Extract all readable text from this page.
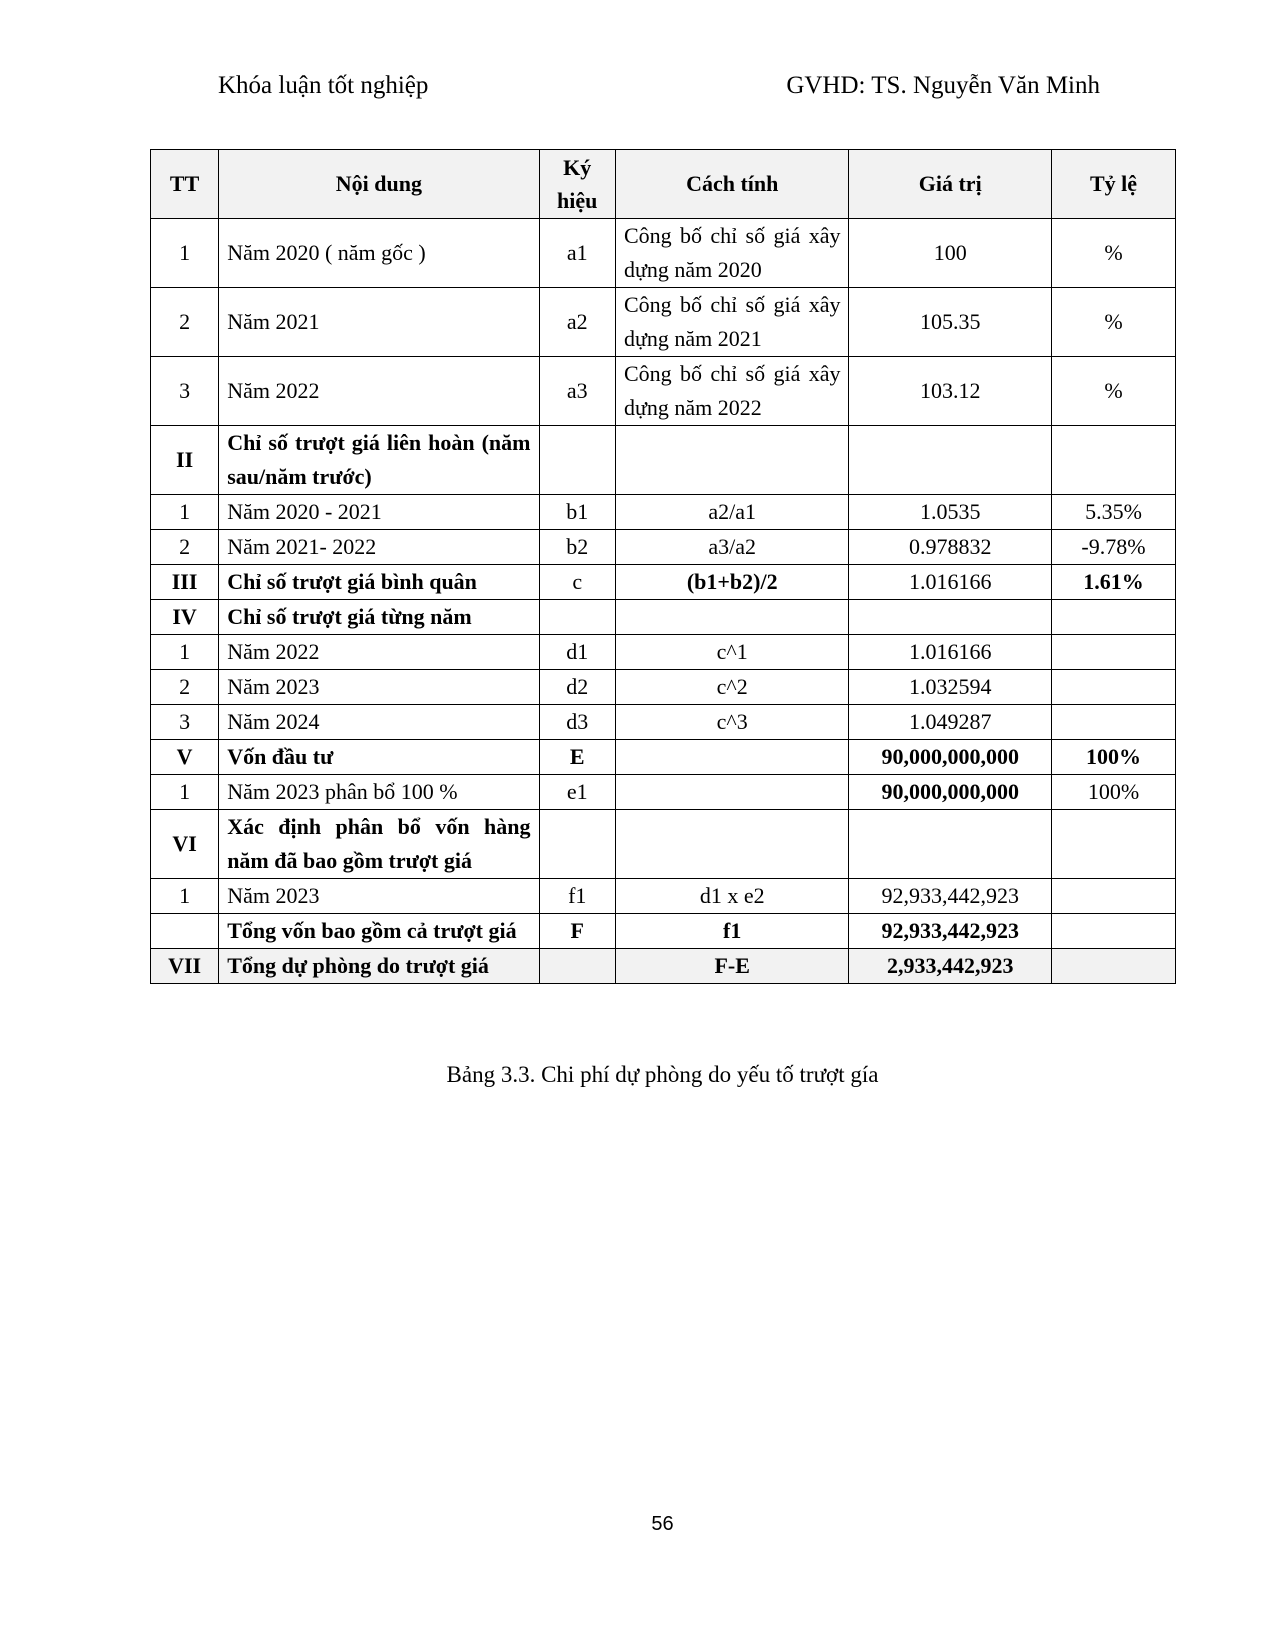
Khóa luận tốt nghiệp	GVHD: TS. Nguyễn Văn Minh
TT	Nội dung	Ký hiệu	Cách tính	Giá trị	Tỷ lệ
1	Năm 2020 ( năm gốc )	a1	Công bố chỉ số giá xây dựng năm 2020	100	%
2	Năm 2021	a2	Công bố chỉ số giá xây dựng năm 2021	105.35	%
3	Năm 2022	a3	Công bố chỉ số giá xây dựng năm 2022	103.12	%
II	Chỉ số trượt giá liên hoàn (năm sau/năm trước)				
1	Năm 2020 - 2021	b1	a2/a1	1.0535	5.35%
2	Năm 2021- 2022	b2	a3/a2	0.978832	-9.78%
III	Chỉ số trượt giá bình quân	c	(b1+b2)/2	1.016166	1.61%
IV	Chỉ số trượt giá từng năm				
1	Năm 2022	d1	c^1	1.016166	
2	Năm 2023	d2	c^2	1.032594	
3	Năm 2024	d3	c^3	1.049287	
V	Vốn đầu tư	E		90,000,000,000	100%
1	Năm 2023 phân bổ 100 %	e1		90,000,000,000	100%
VI	Xác định phân bổ vốn hàng năm đã bao gồm trượt giá				
1	Năm 2023	f1	d1 x e2	92,933,442,923	
	Tổng vốn bao gồm cả trượt giá	F	f1	92,933,442,923	
VII	Tổng dự phòng do trượt giá		F-E	2,933,442,923	
Bảng 3.3. Chi phí dự phòng do yếu tố trượt gía
56
